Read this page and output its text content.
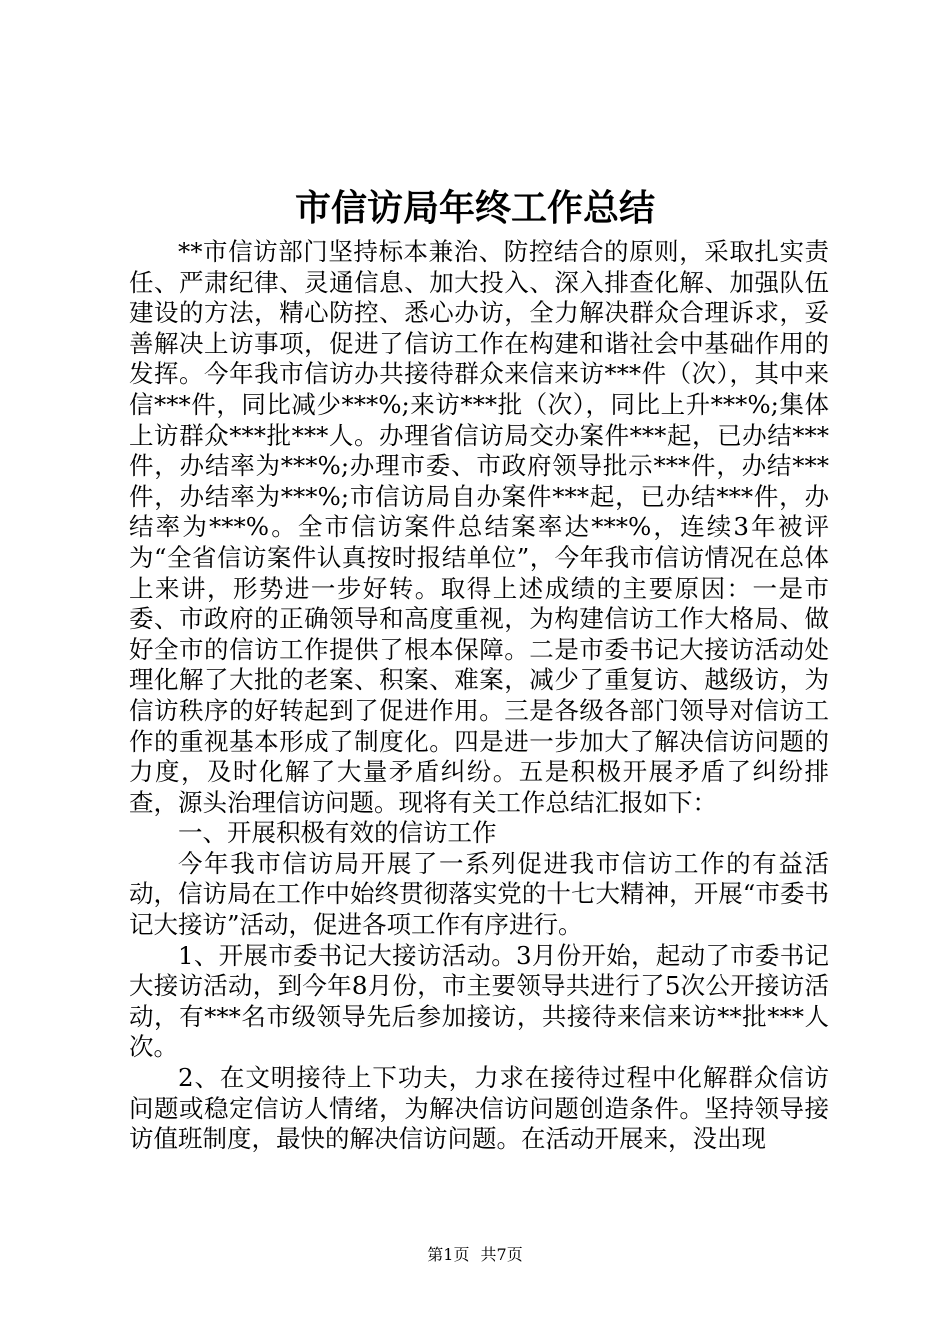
市信访局年终工作总结

**市信访部门坚持标本兼治、防控结合的原则，采取扎实责任、严肃纪律、灵通信息、加大投入、深入排查化解、加强队伍建设的方法，精心防控、悉心办访，全力解决群众合理诉求，妥善解决上访事项，促进了信访工作在构建和谐社会中基础作用的发挥。今年我市信访办共接待群众来信来访***件（次），其中来信***件，同比减少***%;来访***批（次），同比上升***%;集体上访群众***批***人。办理省信访局交办案件***起，已办结***件，办结率为***%;办理市委、市政府领导批示***件，办结***件，办结率为***%;市信访局自办案件***起，已办结***件，办结率为***%。全市信访案件总结案率达***%，连续3年被评为“全省信访案件认真按时报结单位”，今年我市信访情况在总体上来讲，形势进一步好转。取得上述成绩的主要原因：一是市委、市政府的正确领导和高度重视，为构建信访工作大格局、做好全市的信访工作提供了根本保障。二是市委书记大接访活动处理化解了大批的老案、积案、难案，减少了重复访、越级访，为信访秩序的好转起到了促进作用。三是各级各部门领导对信访工作的重视基本形成了制度化。四是进一步加大了解决信访问题的力度，及时化解了大量矛盾纠纷。五是积极开展矛盾了纠纷排查，源头治理信访问题。现将有关工作总结汇报如下：

一、开展积极有效的信访工作

今年我市信访局开展了一系列促进我市信访工作的有益活动，信访局在工作中始终贯彻落实党的十七大精神，开展“市委书记大接访”活动，促进各项工作有序进行。

1、开展市委书记大接访活动。3月份开始，起动了市委书记大接访活动，到今年8月份，市主要领导共进行了5次公开接访活动，有***名市级领导先后参加接访，共接待来信来访**批***人次。

2、在文明接待上下功夫，力求在接待过程中化解群众信访问题或稳定信访人情绪，为解决信访问题创造条件。坚持领导接访值班制度，最快的解决信访问题。在活动开展来，没出现

第1页 共7页
